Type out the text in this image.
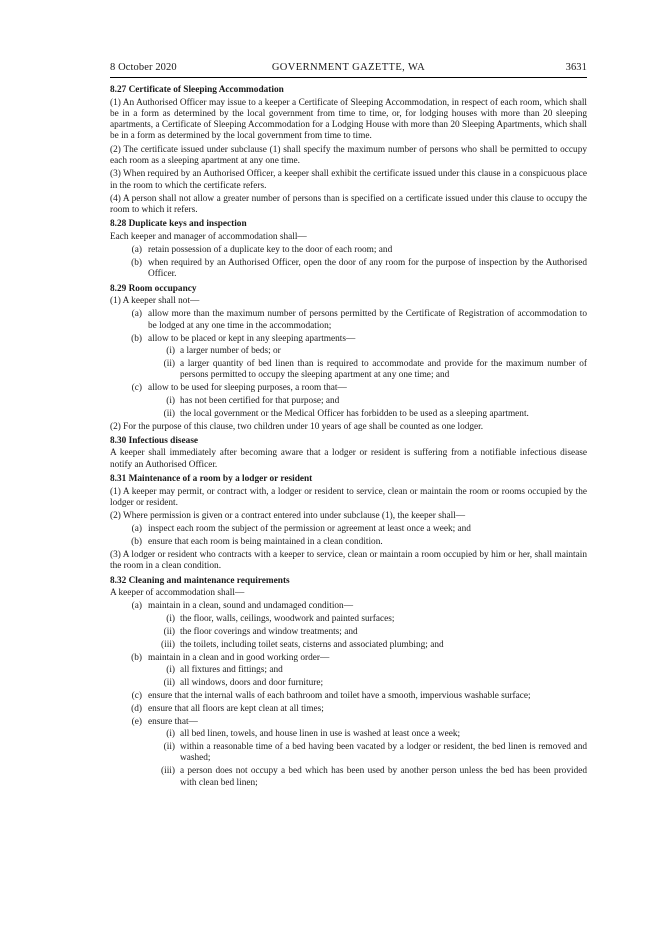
8 October 2020	GOVERNMENT GAZETTE, WA	3631
8.27 Certificate of Sleeping Accommodation

(1) An Authorised Officer may issue to a keeper a Certificate of Sleeping Accommodation, in respect of each room, which shall be in a form as determined by the local government from time to time, or, for lodging houses with more than 20 sleeping apartments, a Certificate of Sleeping Accommodation for a Lodging House with more than 20 Sleeping Apartments, which shall be in a form as determined by the local government from time to time.

(2) The certificate issued under subclause (1) shall specify the maximum number of persons who shall be permitted to occupy each room as a sleeping apartment at any one time.

(3) When required by an Authorised Officer, a keeper shall exhibit the certificate issued under this clause in a conspicuous place in the room to which the certificate refers.

(4) A person shall not allow a greater number of persons than is specified on a certificate issued under this clause to occupy the room to which it refers.

8.28 Duplicate keys and inspection

Each keeper and manager of accommodation shall—

(a) retain possession of a duplicate key to the door of each room; and
(b) when required by an Authorised Officer, open the door of any room for the purpose of inspection by the Authorised Officer.
8.29 Room occupancy

(1) A keeper shall not—

(a) allow more than the maximum number of persons permitted by the Certificate of Registration of accommodation to be lodged at any one time in the accommodation;
(b) allow to be placed or kept in any sleeping apartments—
(i) a larger number of beds; or
(ii) a larger quantity of bed linen than is required to accommodate and provide for the maximum number of persons permitted to occupy the sleeping apartment at any one time; and
(c) allow to be used for sleeping purposes, a room that—
(i) has not been certified for that purpose; and
(ii) the local government or the Medical Officer has forbidden to be used as a sleeping apartment.

(2) For the purpose of this clause, two children under 10 years of age shall be counted as one lodger.

8.30 Infectious disease

A keeper shall immediately after becoming aware that a lodger or resident is suffering from a notifiable infectious disease notify an Authorised Officer.

8.31 Maintenance of a room by a lodger or resident

(1) A keeper may permit, or contract with, a lodger or resident to service, clean or maintain the room or rooms occupied by the lodger or resident.

(2) Where permission is given or a contract entered into under subclause (1), the keeper shall—

(a) inspect each room the subject of the permission or agreement at least once a week; and
(b) ensure that each room is being maintained in a clean condition.

(3) A lodger or resident who contracts with a keeper to service, clean or maintain a room occupied by him or her, shall maintain the room in a clean condition.

8.32 Cleaning and maintenance requirements

A keeper of accommodation shall—

(a) maintain in a clean, sound and undamaged condition—
(i) the floor, walls, ceilings, woodwork and painted surfaces;
(ii) the floor coverings and window treatments; and
(iii) the toilets, including toilet seats, cisterns and associated plumbing; and
(b) maintain in a clean and in good working order—
(i) all fixtures and fittings; and
(ii) all windows, doors and door furniture;
(c) ensure that the internal walls of each bathroom and toilet have a smooth, impervious washable surface;
(d) ensure that all floors are kept clean at all times;
(e) ensure that—
(i) all bed linen, towels, and house linen in use is washed at least once a week;
(ii) within a reasonable time of a bed having been vacated by a lodger or resident, the bed linen is removed and washed;
(iii) a person does not occupy a bed which has been used by another person unless the bed has been provided with clean bed linen;
